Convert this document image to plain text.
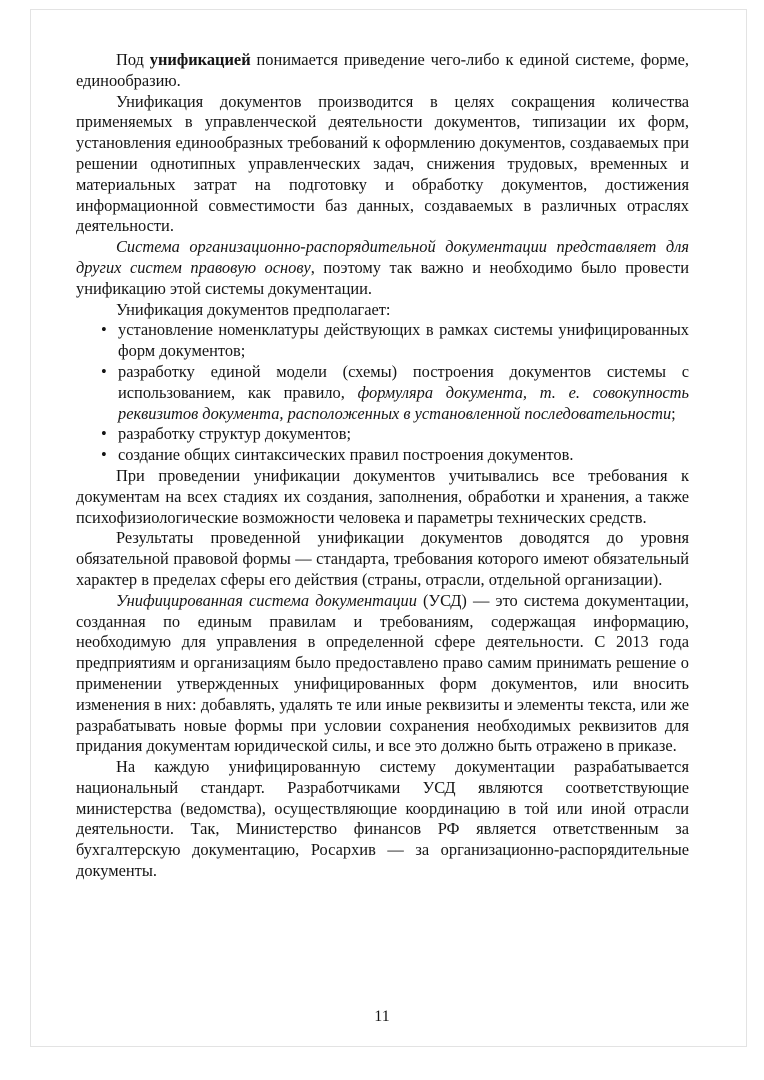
Под унификацией понимается приведение чего-либо к единой системе, форме, единообразию.

Унификация документов производится в целях сокращения количества применяемых в управленческой деятельности документов, типизации их форм, установления единообразных требований к оформлению документов, создаваемых при решении однотипных управленческих задач, снижения трудовых, временных и материальных затрат на подготовку и обработку документов, достижения информационной совместимости баз данных, создаваемых в различных отраслях деятельности.

Система организационно-распорядительной документации представляет для других систем правовую основу, поэтому так важно и необходимо было провести унификацию этой системы документации.

Унификация документов предполагает:

• установление номенклатуры действующих в рамках системы унифицированных форм документов;
• разработку единой модели (схемы) построения документов системы с использованием, как правило, формуляра документа, т. е. совокупность реквизитов документа, расположенных в установленной последовательности;
• разработку структур документов;
• создание общих синтаксических правил построения документов.

При проведении унификации документов учитывались все требования к документам на всех стадиях их создания, заполнения, обработки и хранения, а также психофизиологические возможности человека и параметры технических средств.

Результаты проведенной унификации документов доводятся до уровня обязательной правовой формы — стандарта, требования которого имеют обязательный характер в пределах сферы его действия (страны, отрасли, отдельной организации).

Унифицированная система документации (УСД) — это система документации, созданная по единым правилам и требованиям, содержащая информацию, необходимую для управления в определенной сфере деятельности. С 2013 года предприятиям и организациям было предоставлено право самим принимать решение о применении утвержденных унифицированных форм документов, или вносить изменения в них: добавлять, удалять те или иные реквизиты и элементы текста, или же разрабатывать новые формы при условии сохранения необходимых реквизитов для придания документам юридической силы, и все это должно быть отражено в приказе.

На каждую унифицированную систему документации разрабатывается национальный стандарт. Разработчиками УСД являются соответствующие министерства (ведомства), осуществляющие координацию в той или иной отрасли деятельности. Так, Министерство финансов РФ является ответственным за бухгалтерскую документацию, Росархив — за организационно-распорядительные документы.

11
